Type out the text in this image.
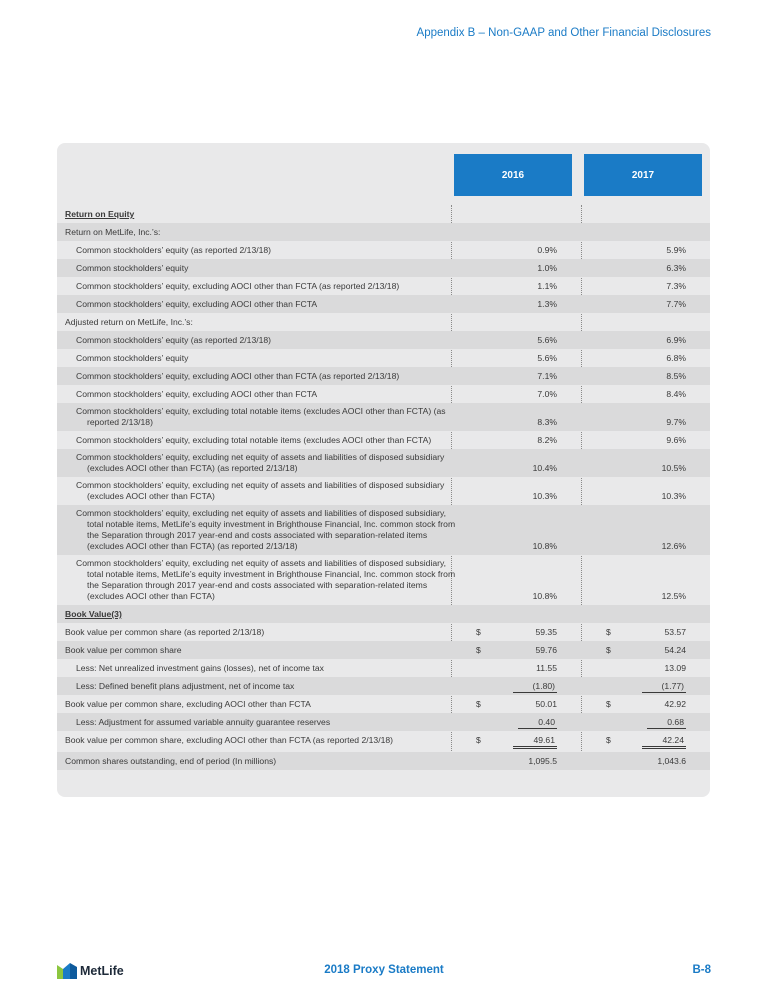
Appendix B – Non-GAAP and Other Financial Disclosures
2016	2017
Return on Equity
Return on MetLife, Inc.’s:
Common stockholders’ equity (as reported 2/13/18)	0.9%	5.9%
Common stockholders’ equity	1.0%	6.3%
Common stockholders’ equity, excluding AOCI other than FCTA (as reported 2/13/18)	1.1%	7.3%
Common stockholders’ equity, excluding AOCI other than FCTA	1.3%	7.7%
Adjusted return on MetLife, Inc.’s:
Common stockholders’ equity (as reported 2/13/18)	5.6%	6.9%
Common stockholders’ equity	5.6%	6.8%
Common stockholders’ equity, excluding AOCI other than FCTA (as reported 2/13/18)	7.1%	8.5%
Common stockholders’ equity, excluding AOCI other than FCTA	7.0%	8.4%
Common stockholders’ equity, excluding total notable items (excludes AOCI other than FCTA) (as reported 2/13/18)	8.3%	9.7%
Common stockholders’ equity, excluding total notable items (excludes AOCI other than FCTA)	8.2%	9.6%
Common stockholders’ equity, excluding net equity of assets and liabilities of disposed subsidiary (excludes AOCI other than FCTA) (as reported 2/13/18)	10.4%	10.5%
Common stockholders’ equity, excluding net equity of assets and liabilities of disposed subsidiary (excludes AOCI other than FCTA)	10.3%	10.3%
Common stockholders’ equity, excluding net equity of assets and liabilities of disposed subsidiary, total notable items, MetLife’s equity investment in Brighthouse Financial, Inc. common stock from the Separation through 2017 year-end and costs associated with separation-related items (excludes AOCI other than FCTA) (as reported 2/13/18)	10.8%	12.6%
Common stockholders’ equity, excluding net equity of assets and liabilities of disposed subsidiary, total notable items, MetLife’s equity investment in Brighthouse Financial, Inc. common stock from the Separation through 2017 year-end and costs associated with separation-related items (excludes AOCI other than FCTA)	10.8%	12.5%
Book Value(3)
Book value per common share (as reported 2/13/18)	$	59.35	$	53.57
Book value per common share	$	59.76	$	54.24
Less: Net unrealized investment gains (losses), net of income tax	11.55	13.09
Less: Defined benefit plans adjustment, net of income tax	(1.80)	(1.77)
Book value per common share, excluding AOCI other than FCTA	$	50.01	$	42.92
Less: Adjustment for assumed variable annuity guarantee reserves	0.40	0.68
Book value per common share, excluding AOCI other than FCTA (as reported 2/13/18)	$	49.61	$	42.24
Common shares outstanding, end of period (In millions)	1,095.5	1,043.6
MetLife	2018 Proxy Statement	B-8
